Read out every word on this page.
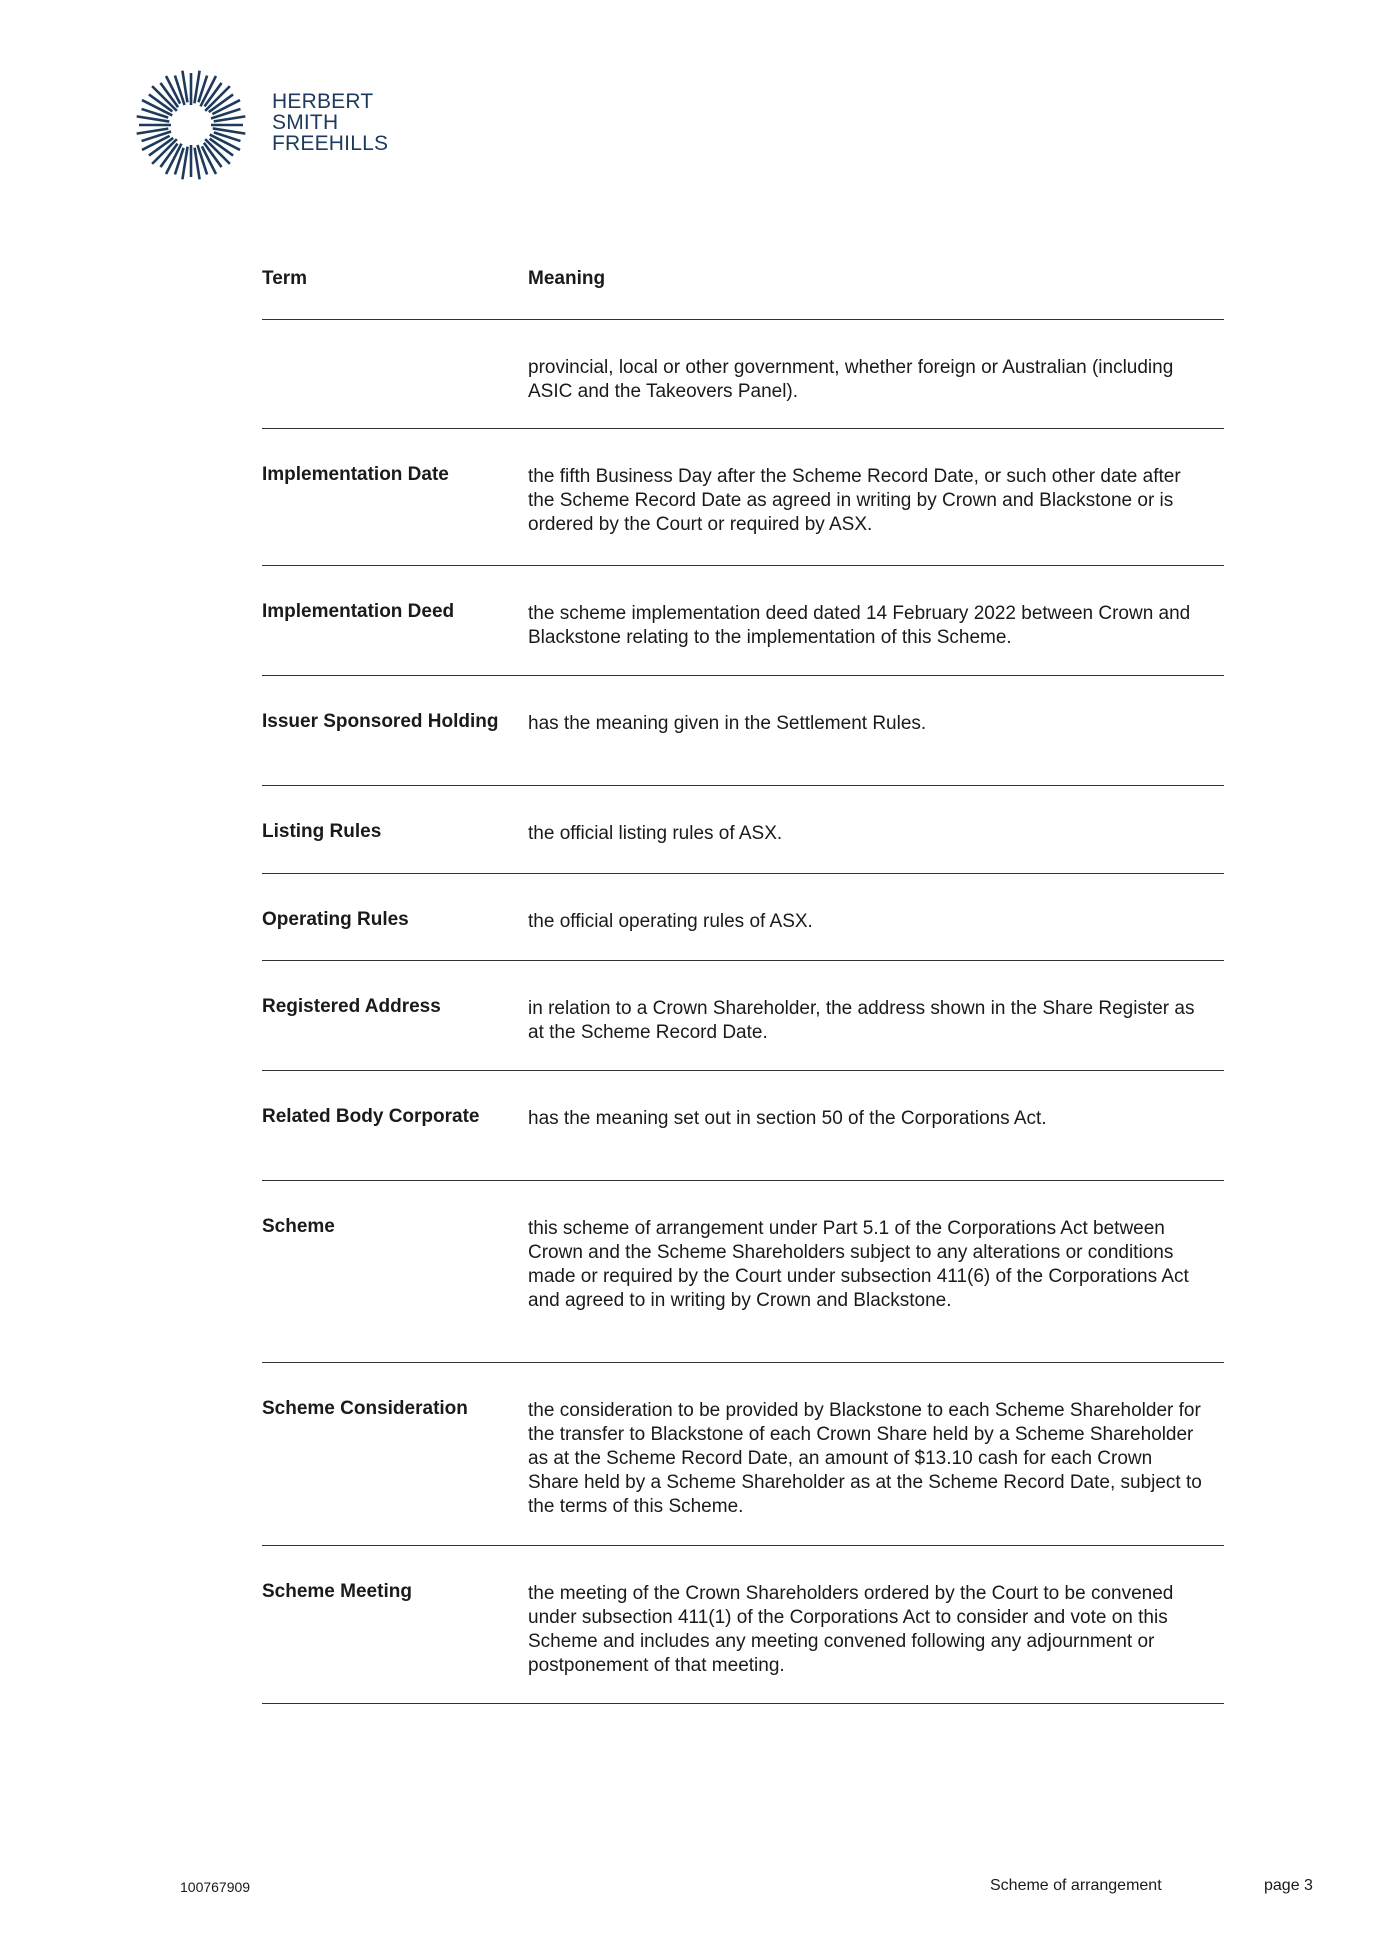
HERBERT
SMITH
FREEHILLS
Term	Meaning
provincial, local or other government, whether foreign or Australian (including ASIC and the Takeovers Panel).
Implementation Date	the fifth Business Day after the Scheme Record Date, or such other date after the Scheme Record Date as agreed in writing by Crown and Blackstone or is ordered by the Court or required by ASX.
Implementation Deed	the scheme implementation deed dated 14 February 2022 between Crown and Blackstone relating to the implementation of this Scheme.
Issuer Sponsored Holding	has the meaning given in the Settlement Rules.
Listing Rules	the official listing rules of ASX.
Operating Rules	the official operating rules of ASX.
Registered Address	in relation to a Crown Shareholder, the address shown in the Share Register as at the Scheme Record Date.
Related Body Corporate	has the meaning set out in section 50 of the Corporations Act.
Scheme	this scheme of arrangement under Part 5.1 of the Corporations Act between Crown and the Scheme Shareholders subject to any alterations or conditions made or required by the Court under subsection 411(6) of the Corporations Act and agreed to in writing by Crown and Blackstone.
Scheme Consideration	the consideration to be provided by Blackstone to each Scheme Shareholder for the transfer to Blackstone of each Crown Share held by a Scheme Shareholder as at the Scheme Record Date, an amount of $13.10 cash for each Crown Share held by a Scheme Shareholder as at the Scheme Record Date, subject to the terms of this Scheme.
Scheme Meeting	the meeting of the Crown Shareholders ordered by the Court to be convened under subsection 411(1) of the Corporations Act to consider and vote on this Scheme and includes any meeting convened following any adjournment or postponement of that meeting.
100767909	Scheme of arrangement	page 3
